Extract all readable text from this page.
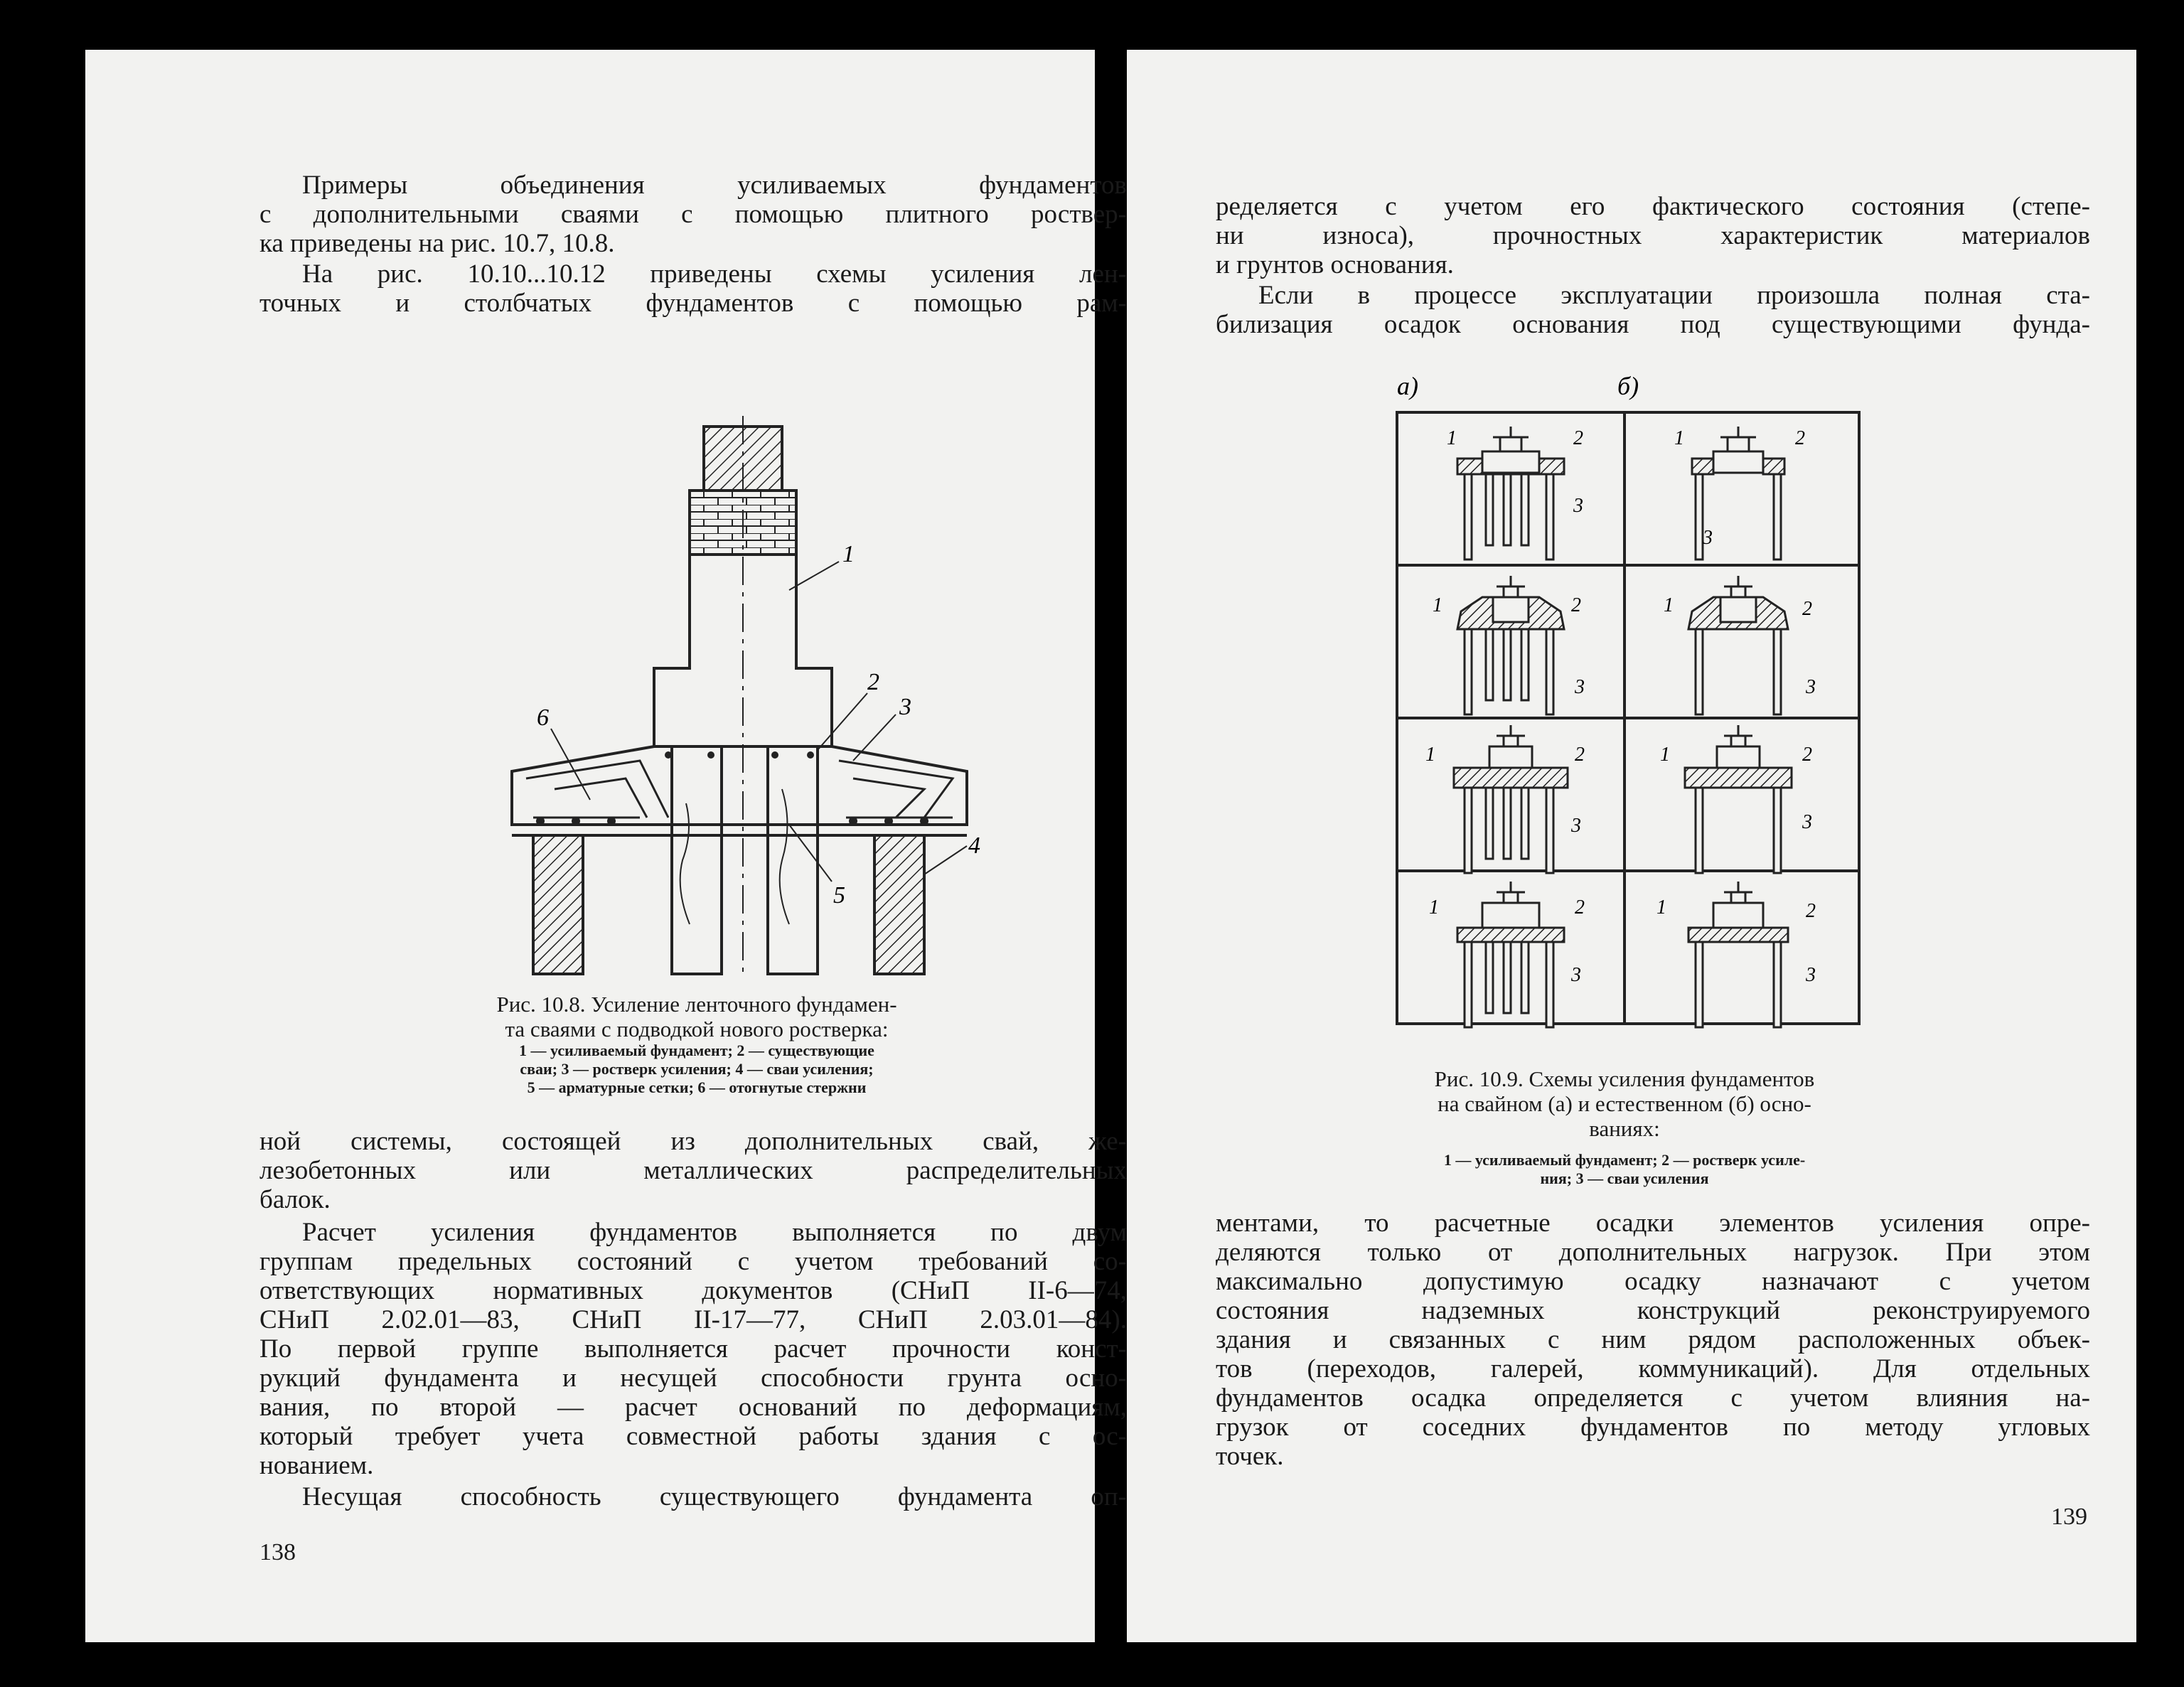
Примеры объединения усиливаемых фундаментов
с дополнительными сваями с помощью плитного роствер-
ка приведены на рис. 10.7, 10.8.

На рис. 10.10...10.12 приведены схемы усиления лен-
точных и столбчатых фундаментов с помощью рам-

1
2
3
4
5
6
Рис. 10.8. Усиление ленточного фундамен-
та сваями с подводкой нового ростверка:
1 — усиливаемый фундамент; 2 — существующие
сваи; 3 — ростверк усиления; 4 — сваи усиления;
5 — арматурные сетки; 6 — отогнутые стержни

ной системы, состоящей из дополнительных свай, же-
лезобетонных или металлических распределительных
балок.

Расчет усиления фундаментов выполняется по двум
группам предельных состояний с учетом требований со-
ответствующих нормативных документов (СНиП II-6—74,
СНиП 2.02.01—83, СНиП II-17—77, СНиП 2.03.01—84).
По первой группе выполняется расчет прочности конст-
рукций фундамента и несущей способности грунта осно-
вания, по второй — расчет оснований по деформациям,
который требует учета совместной работы здания с ос-
нованием.

Несущая способность существующего фундамента оп-

138

ределяется с учетом его фактического состояния (степе-
ни износа), прочностных характеристик материалов
и грунтов основания.

Если в процессе эксплуатации произошла полная ста-
билизация осадок основания под существующими фунда-

а)	б)
1	2
3
1	2
3
1	2
3
1	2
3
1	2
3
1	2
3
1	2
3
1	2
3
Рис. 10.9. Схемы усиления фундаментов
на свайном (а) и естественном (б) осно-
ваниях:
1 — усиливаемый фундамент; 2 — ростверк усиле-
ния; 3 — сваи усиления

ментами, то расчетные осадки элементов усиления опре-
деляются только от дополнительных нагрузок. При этом
максимально допустимую осадку назначают с учетом
состояния надземных конструкций реконструируемого
здания и связанных с ним рядом расположенных объек-
тов (переходов, галерей, коммуникаций). Для отдельных
фундаментов осадка определяется с учетом влияния на-
грузок от соседних фундаментов по методу угловых
точек.

139
